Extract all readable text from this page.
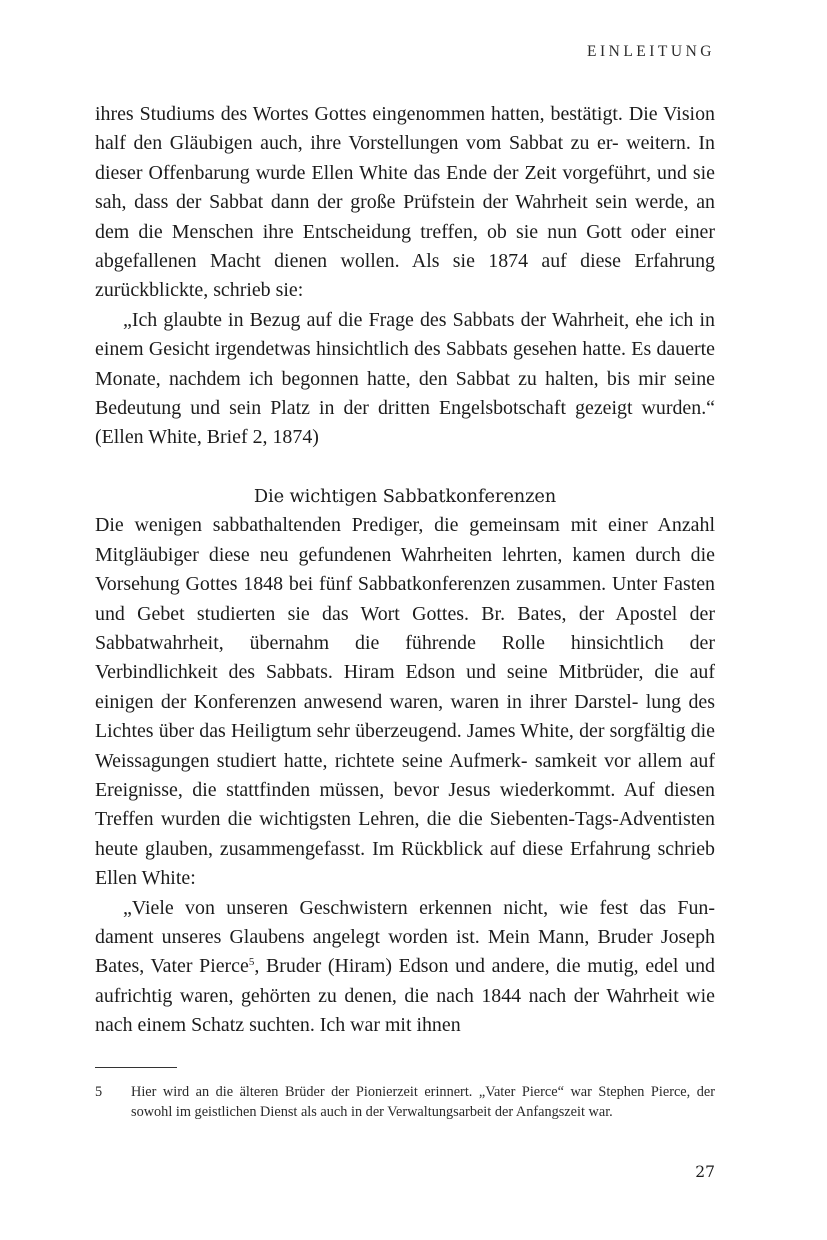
EINLEITUNG

ihres Studiums des Wortes Gottes eingenommen hatten, bestätigt. Die Vision half den Gläubigen auch, ihre Vorstellungen vom Sabbat zu er- weitern. In dieser Offenbarung wurde Ellen White das Ende der Zeit vorgeführt, und sie sah, dass der Sabbat dann der große Prüfstein der Wahrheit sein werde, an dem die Menschen ihre Entscheidung treffen, ob sie nun Gott oder einer abgefallenen Macht dienen wollen. Als sie 1874 auf diese Erfahrung zurückblickte, schrieb sie:

„Ich glaubte in Bezug auf die Frage des Sabbats der Wahrheit, ehe ich in einem Gesicht irgendetwas hinsichtlich des Sabbats gesehen hatte. Es dauerte Monate, nachdem ich begonnen hatte, den Sabbat zu halten, bis mir seine Bedeutung und sein Platz in der dritten Engelsbotschaft gezeigt wurden.“ (Ellen White, Brief 2, 1874)

Die wichtigen Sabbatkonferenzen

Die wenigen sabbathaltenden Prediger, die gemeinsam mit einer Anzahl Mitgläubiger diese neu gefundenen Wahrheiten lehrten, kamen durch die Vorsehung Gottes 1848 bei fünf Sabbatkonferenzen zusammen. Unter Fasten und Gebet studierten sie das Wort Gottes. Br. Bates, der Apostel der Sabbatwahrheit, übernahm die führende Rolle hinsichtlich der Verbindlichkeit des Sabbats. Hiram Edson und seine Mitbrüder, die auf einigen der Konferenzen anwesend waren, waren in ihrer Darstel- lung des Lichtes über das Heiligtum sehr überzeugend. James White, der sorgfältig die Weissagungen studiert hatte, richtete seine Aufmerk- samkeit vor allem auf Ereignisse, die stattfinden müssen, bevor Jesus wiederkommt. Auf diesen Treffen wurden die wichtigsten Lehren, die die Siebenten-Tags-Adventisten heute glauben, zusammengefasst. Im Rückblick auf diese Erfahrung schrieb Ellen White:

„Viele von unseren Geschwistern erkennen nicht, wie fest das Fun- dament unseres Glaubens angelegt worden ist. Mein Mann, Bruder Joseph Bates, Vater Pierce$^5$, Bruder (Hiram) Edson und andere, die mutig, edel und aufrichtig waren, gehörten zu denen, die nach 1844 nach der Wahrheit wie nach einem Schatz suchten. Ich war mit ihnen

5 Hier wird an die älteren Brüder der Pionierzeit erinnert. „Vater Pierce“ war Stephen Pierce, der sowohl im geistlichen Dienst als auch in der Verwaltungsarbeit der Anfangszeit war.
27
